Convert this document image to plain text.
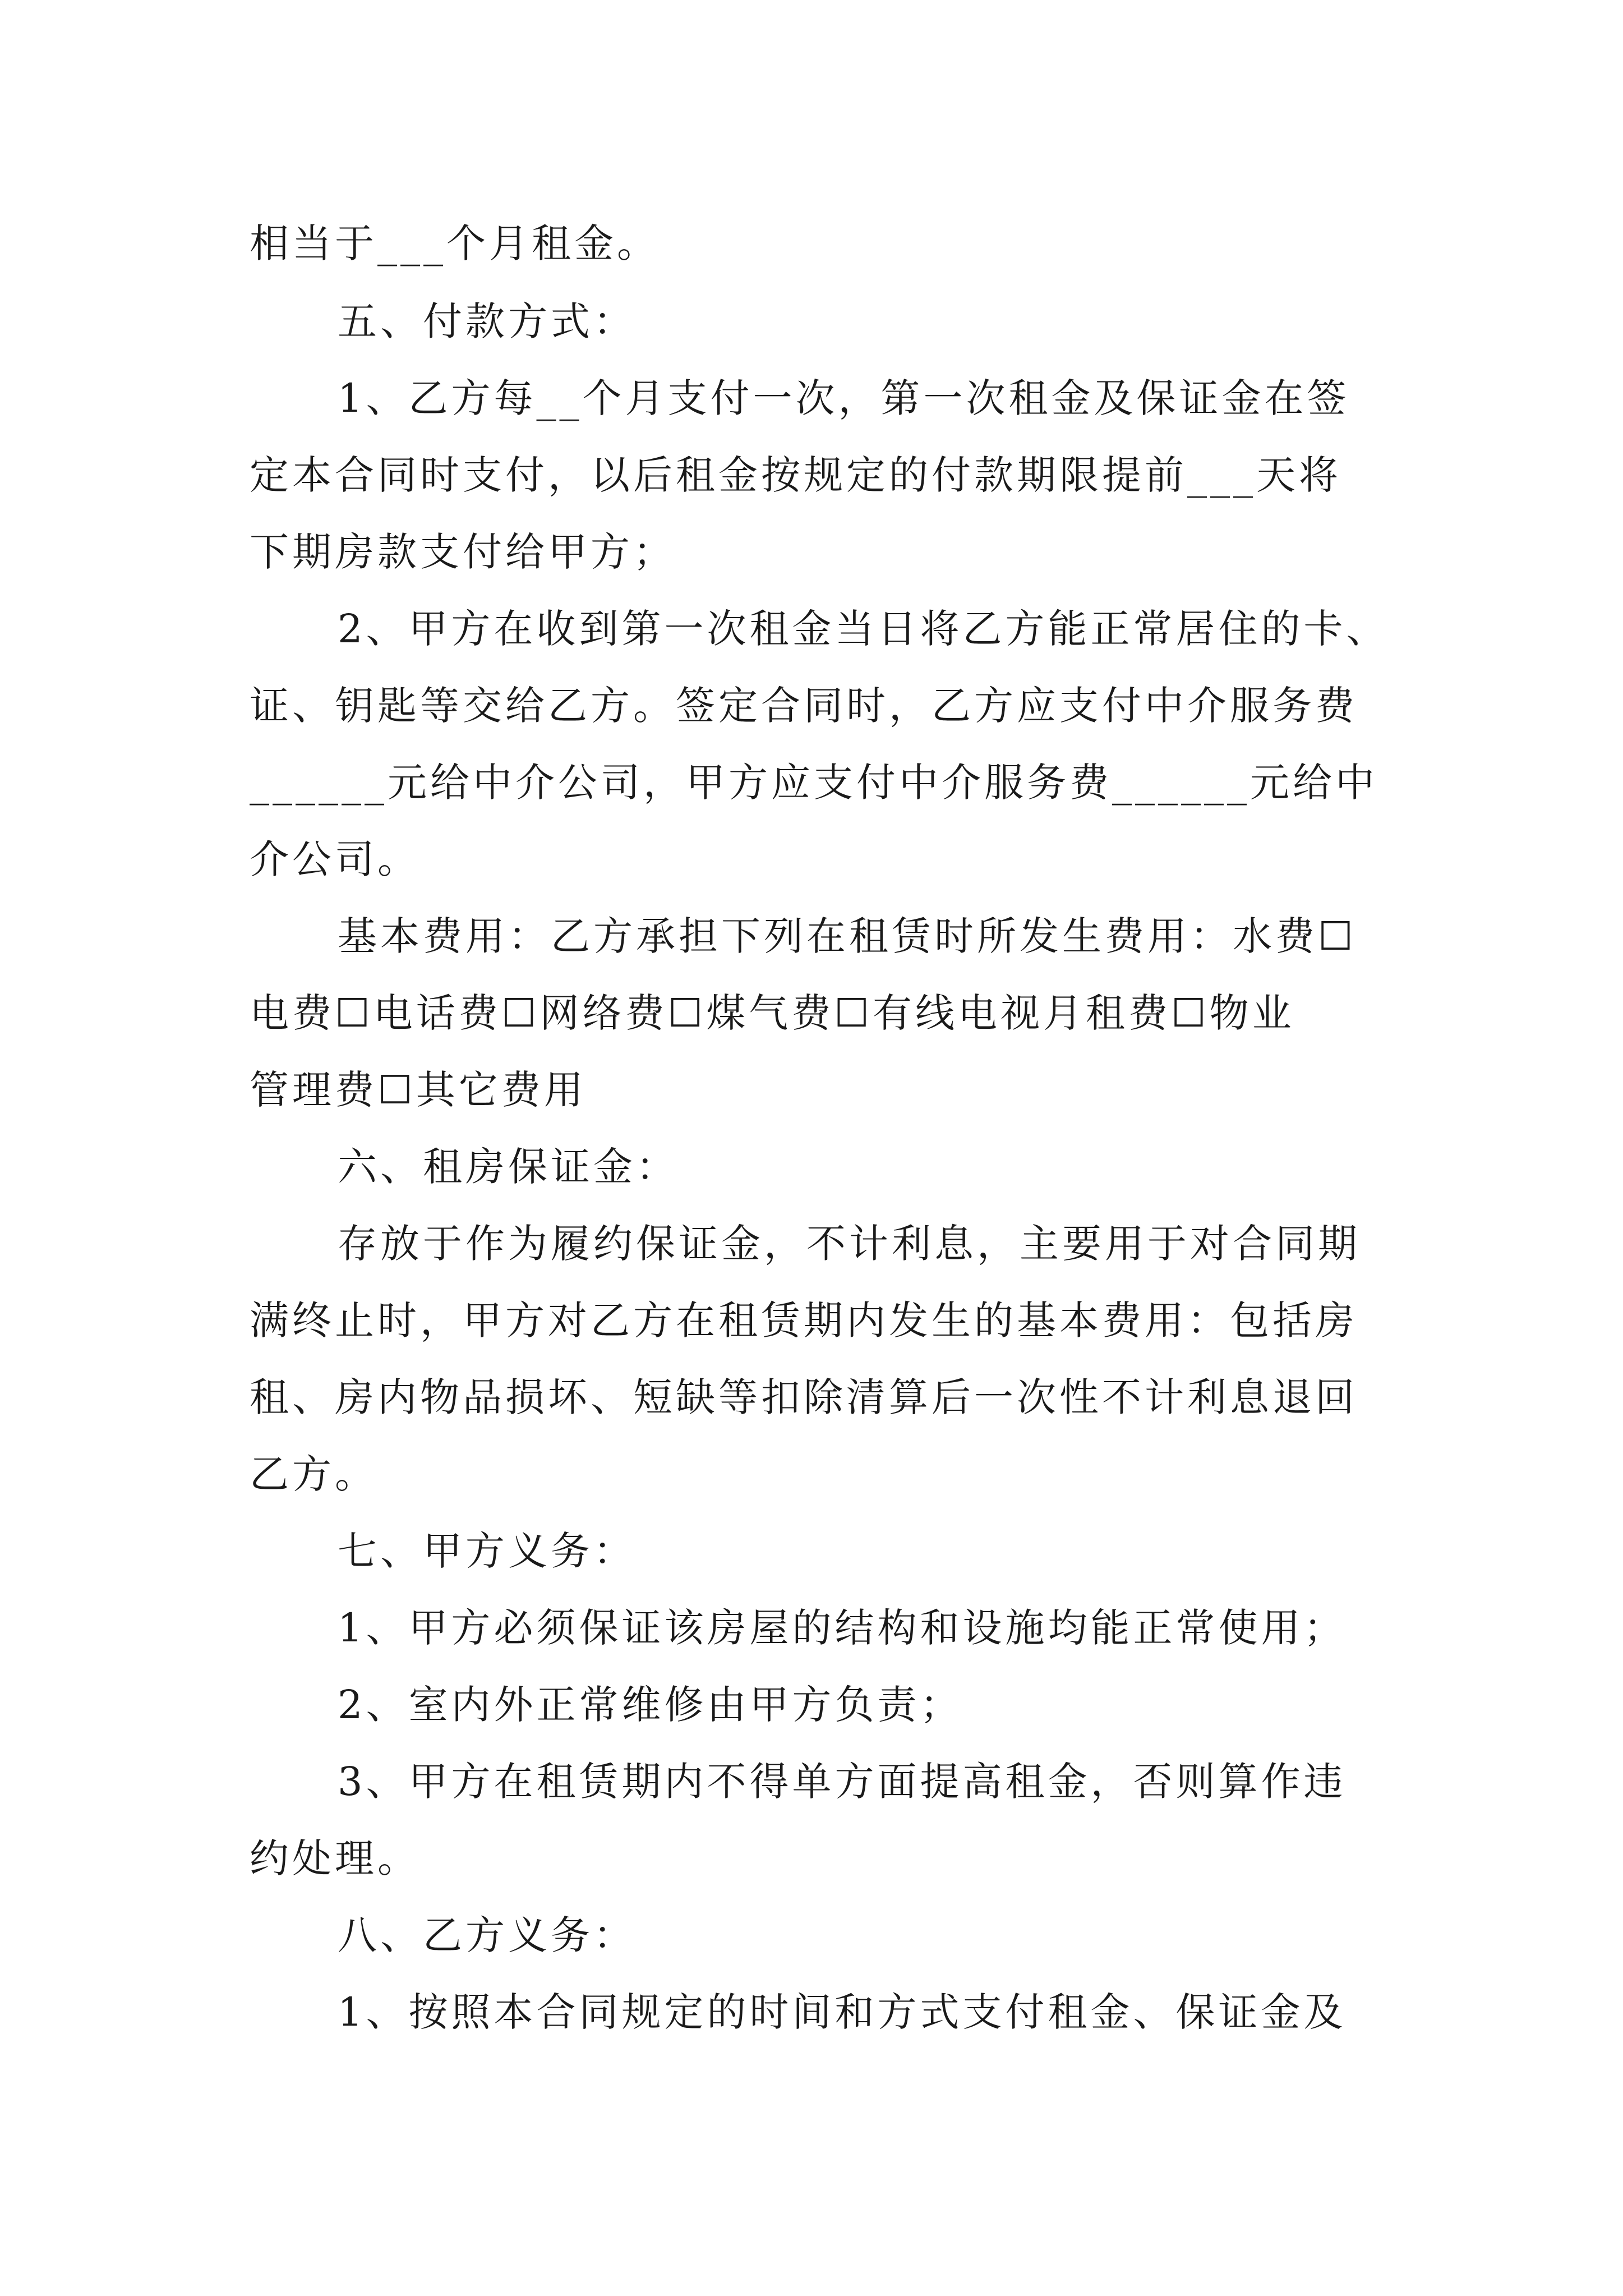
相当于___个月租金。
五、付款方式：
1、乙方每__个月支付一次，第一次租金及保证金在签
定本合同时支付，以后租金按规定的付款期限提前___天将
下期房款支付给甲方；
2、甲方在收到第一次租金当日将乙方能正常居住的卡、
证、钥匙等交给乙方。签定合同时，乙方应支付中介服务费
______元给中介公司，甲方应支付中介服务费______元给中
介公司。
基本费用：乙方承担下列在租赁时所发生费用：水费☐
电费☐电话费☐网络费☐煤气费☐有线电视月租费☐物业
管理费☐其它费用
六、租房保证金：
存放于作为履约保证金，不计利息，主要用于对合同期
满终止时，甲方对乙方在租赁期内发生的基本费用：包括房
租、房内物品损坏、短缺等扣除清算后一次性不计利息退回
乙方。
七、甲方义务：
1、甲方必须保证该房屋的结构和设施均能正常使用；
2、室内外正常维修由甲方负责；
3、甲方在租赁期内不得单方面提高租金，否则算作违
约处理。
八、乙方义务：
1、按照本合同规定的时间和方式支付租金、保证金及
